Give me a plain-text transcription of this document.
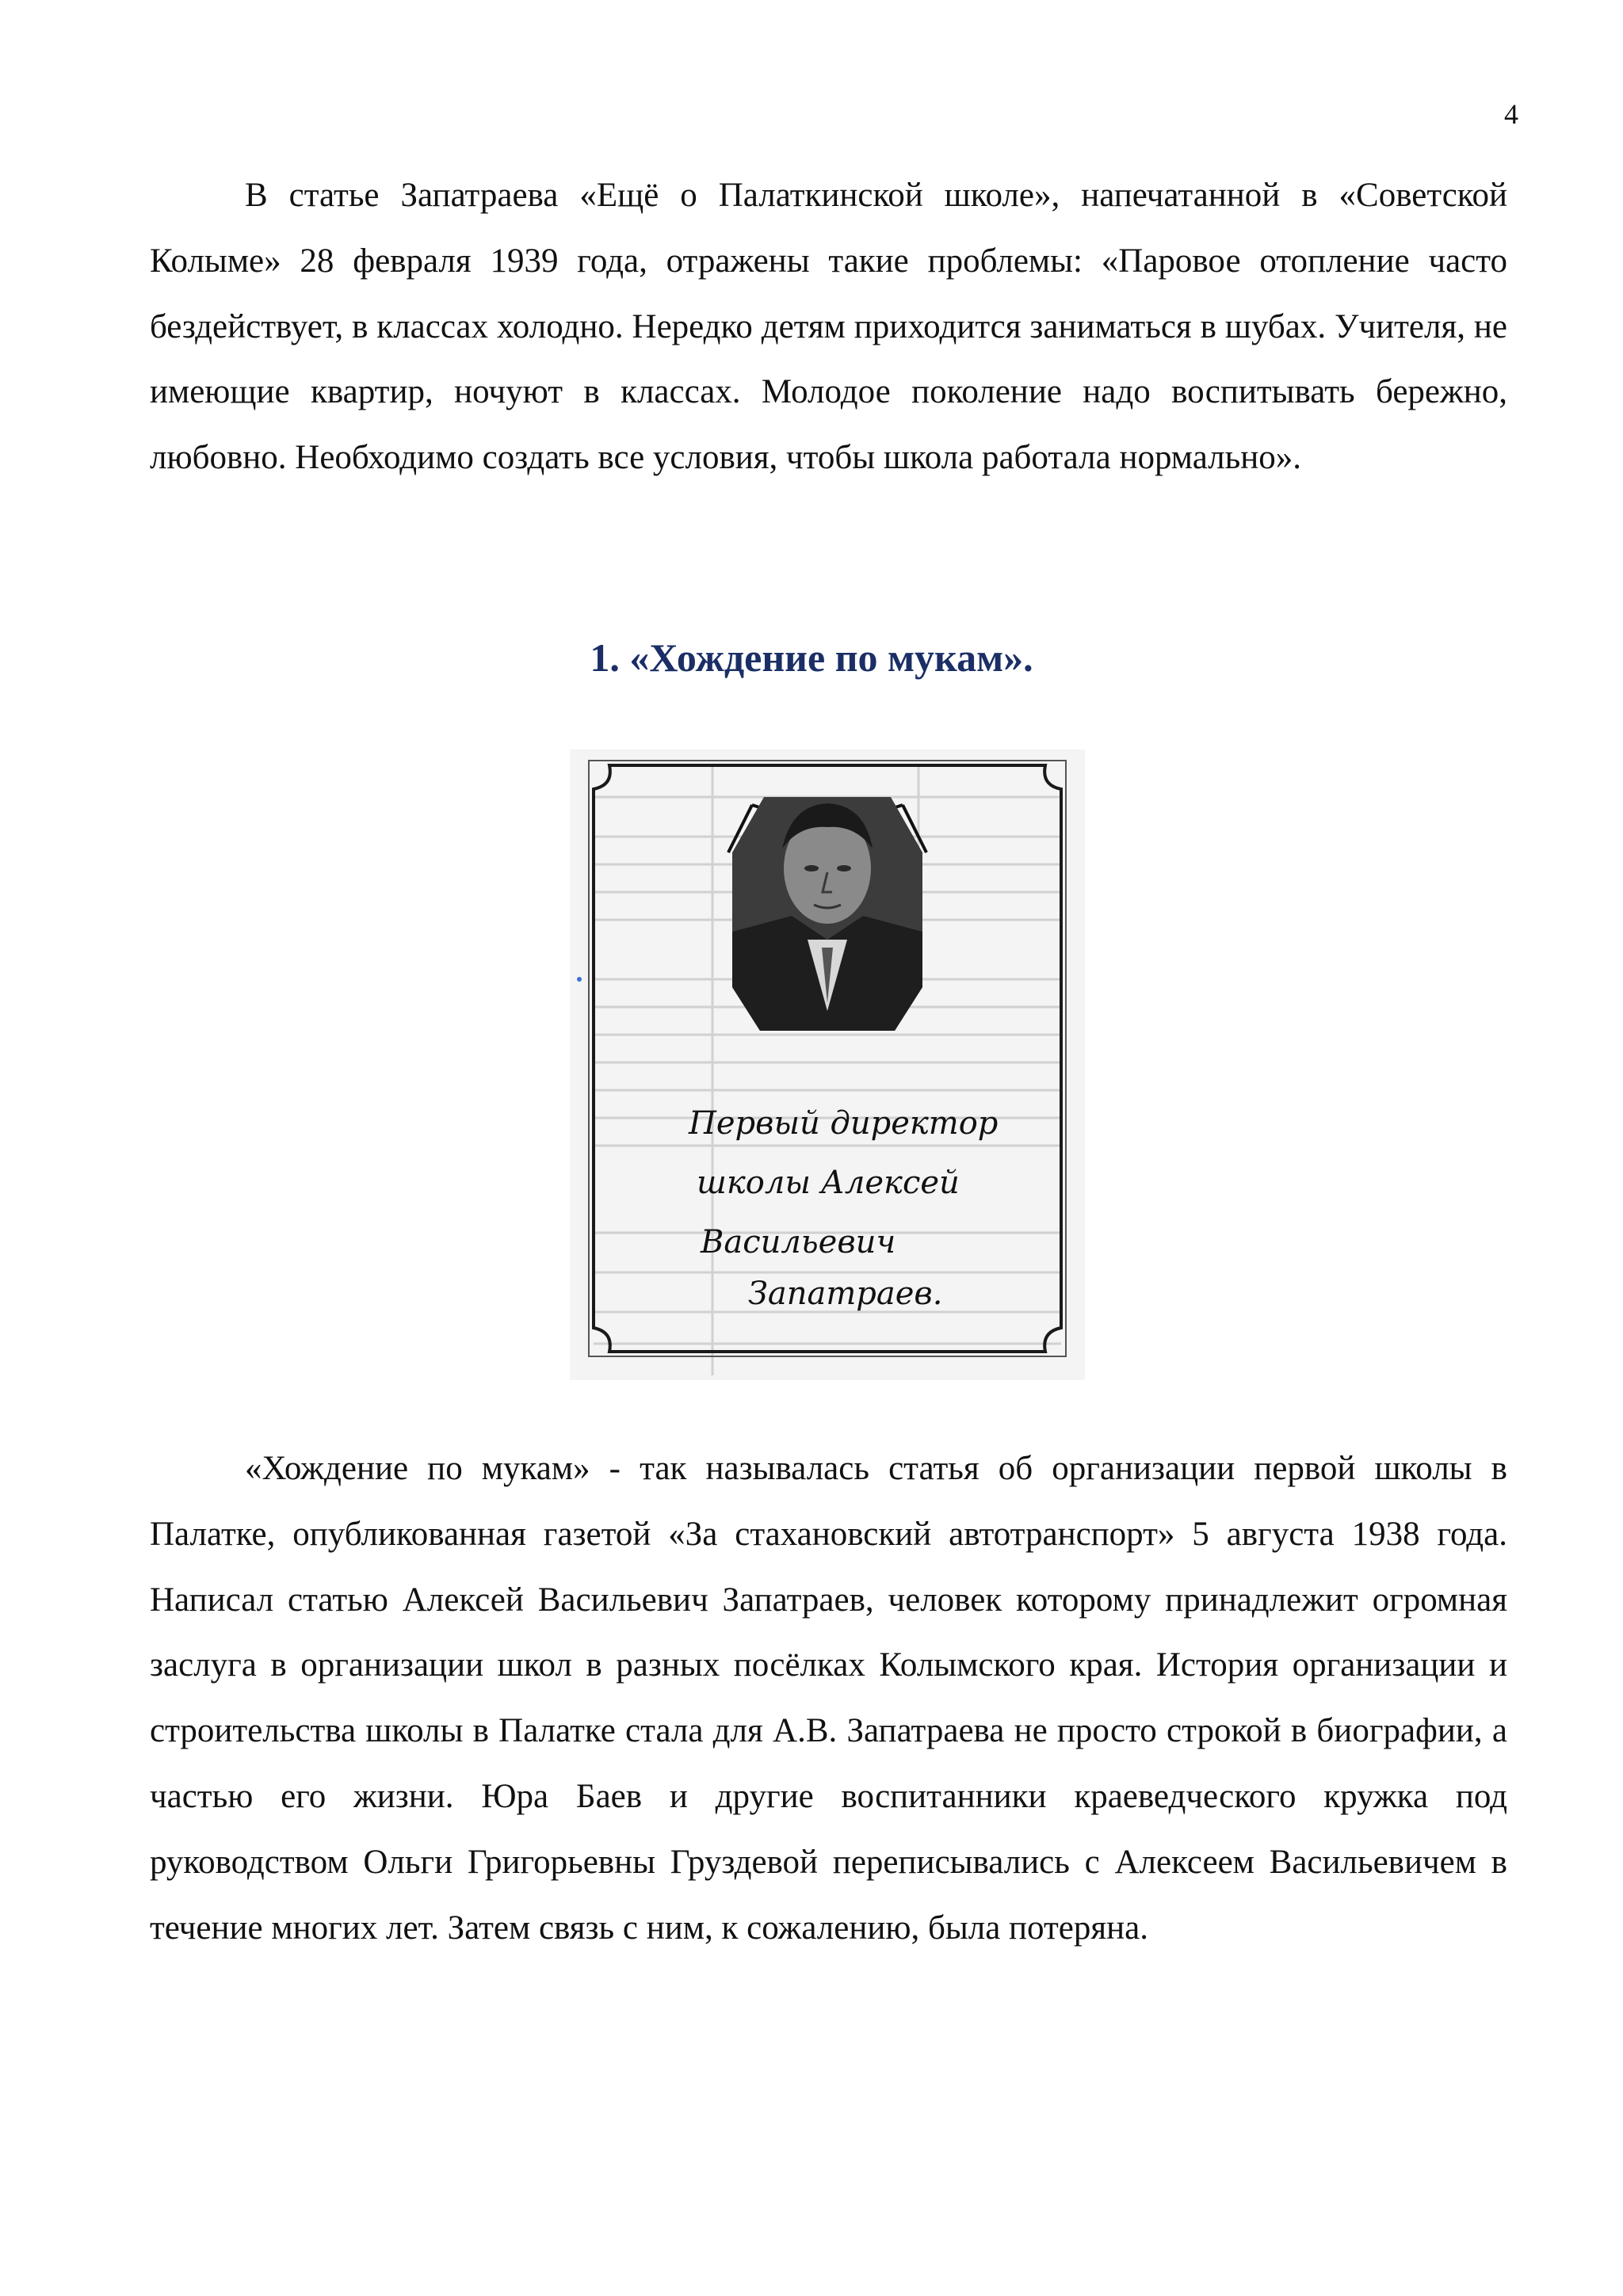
4

В статье Запатраева «Ещё о Палаткинской школе», напечатанной в «Советской Колыме» 28 февраля 1939 года, отражены такие проблемы: «Паровое отопление часто бездействует, в классах холодно. Нередко детям приходится заниматься в шубах. Учителя, не имеющие квартир, ночуют в классах. Молодое поколение надо воспитывать бережно, любовно. Необходимо создать все условия, чтобы школа работала нормально».

1. «Хождение по мукам».
Первый директор
школы Алексей
Васильевич
Запатраев.

«Хождение по мукам» - так называлась статья об организации первой школы в Палатке, опубликованная газетой «За стахановский автотранспорт» 5 августа 1938 года. Написал статью Алексей Васильевич Запатраев, человек которому принадлежит огромная заслуга в организации школ в разных посёлках Колымского края. История организации и строительства школы в Палатке стала для А.В. Запатраева не просто строкой в биографии, а частью его жизни. Юра Баев и другие воспитанники краеведческого кружка под руководством Ольги Григорьевны Груздевой переписывались с Алексеем Васильевичем в течение многих лет. Затем связь с ним, к сожалению, была потеряна.
